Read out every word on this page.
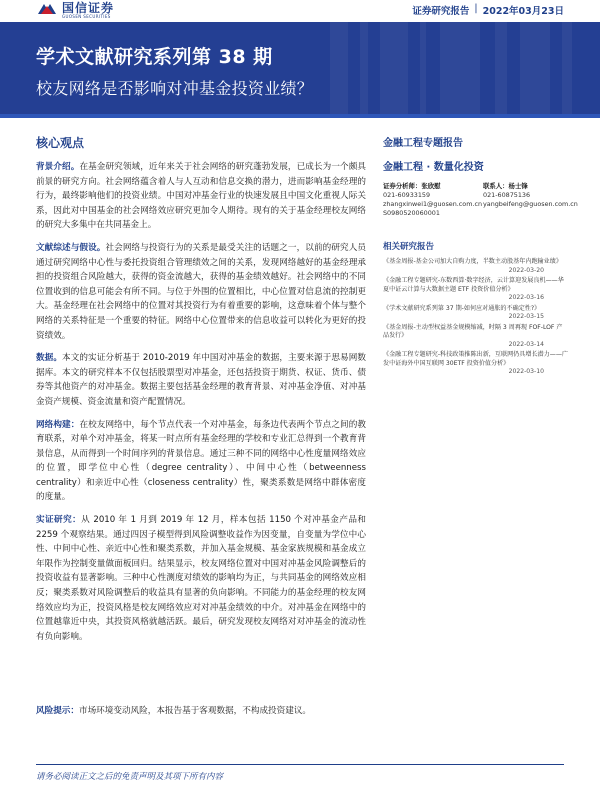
国信证券
GUOSEN SECURITIES	证券研究报告 | 2022年03月23日
学术文献研究系列第 38 期
校友网络是否影响对冲基金投资业绩？
核心观点

背景介绍。在基金研究领域，近年来关于社会网络的研究蓬勃发展，已成长为一个颇具前景的研究方向。社会网络蕴含着人与人互动和信息交换的潜力，进而影响基金经理的行为，最终影响他们的投资业绩。中国对冲基金行业的快速发展且中国文化重视人际关系，因此对中国基金的社会网络效应研究更加令人期待。现有的关于基金经理校友网络的研究大多集中在共同基金上。

文献综述与假设。社会网络与投资行为的关系是最受关注的话题之一，以前的研究人员通过研究网络中心性与委托投资组合管理绩效之间的关系，发现网络越好的基金经理承担的投资组合风险越大，获得的资金流越大，获得的基金绩效越好。社会网络中的不同位置收到的信息可能会有所不同。与位于外围的位置相比，中心位置对信息流的控制更大。基金经理在社会网络中的位置对其投资行为有着重要的影响，这意味着个体与整个网络的关系特征是一个重要的特征。网络中心位置带来的信息收益可以转化为更好的投资绩效。

数据。本文的实证分析基于 2010-2019 年中国对冲基金的数据，主要来源于思易网数据库。本文的研究样本不仅包括股票型对冲基金，还包括投资于期货、权证、货币、债券等其他资产的对冲基金。数据主要包括基金经理的教育背景、对冲基金净值、对冲基金资产规模、资金流量和资产配置情况。

网络构建：在校友网络中，每个节点代表一个对冲基金，每条边代表两个节点之间的教育联系，对单个对冲基金，将某一时点所有基金经理的学校和专业汇总得到一个教育背景信息，从而得到一个时间序列的背景信息。通过三种不同的网络中心性度量网络效应的位置，即学位中心性（degree centrality）、中间中心性（betweenness centrality）和亲近中心性（closeness centrality）性，聚类系数是网络中群体密度的度量。

实证研究：从 2010 年 1 月到 2019 年 12 月，样本包括 1150 个对冲基金产品和 2259 个观察结果。通过四因子模型得到风险调整收益作为因变量，自变量为学位中心性、中间中心性、亲近中心性和聚类系数，并加入基金规模、基金家族规模和基金成立年限作为控制变量做面板回归。结果显示，校友网络位置对中国对冲基金风险调整后的投资收益有显著影响。三种中心性测度对绩效的影响均为正，与共同基金的网络效应相反；聚类系数对风险调整后的收益具有显著的负向影响。不同能力的基金经理的校友网络效应均为正，投资风格是校友网络效应对对冲基金绩效的中介。对冲基金在网络中的位置越靠近中央，其投资风格就越活跃。最后，研究发现校友网络对对冲基金的流动性有负向影响。

风险提示：市场环境变动风险，本报告基于客观数据，不构成投资建议。
金融工程专题报告
金融工程 · 数量化投资
证券分析师：张欣慰	联系人：杨士锋
021-60933159	021-60875136
zhangxinwei1@guosen.com.cn yangbeifeng@guosen.com.cn
S0980520060001
相关研究报告
《基金周报-基金公司加大自购力度，半数主动股基年内跑输业绩》
2022-03-20
《金融工程专题研究-东数西算·数字经济，云计算迎发展良机——华夏中证云计算与大数据主题 ETF 投资价值分析》
2022-03-16
《学术文献研究系列第 37 期-如何应对通胀的不确定性?》
2022-03-15
《基金周报-主动型权益基金规模缩减，时隔 3 周再现 FOF-LOF 产品发行》
2022-03-14
《金融工程专题研究-科技政策推陈出新，互联网仍具增长潜力——广发中证海外中国互联网 30ETF 投资价值分析》
2022-03-10
请务必阅读正文之后的免责声明及其项下所有内容
